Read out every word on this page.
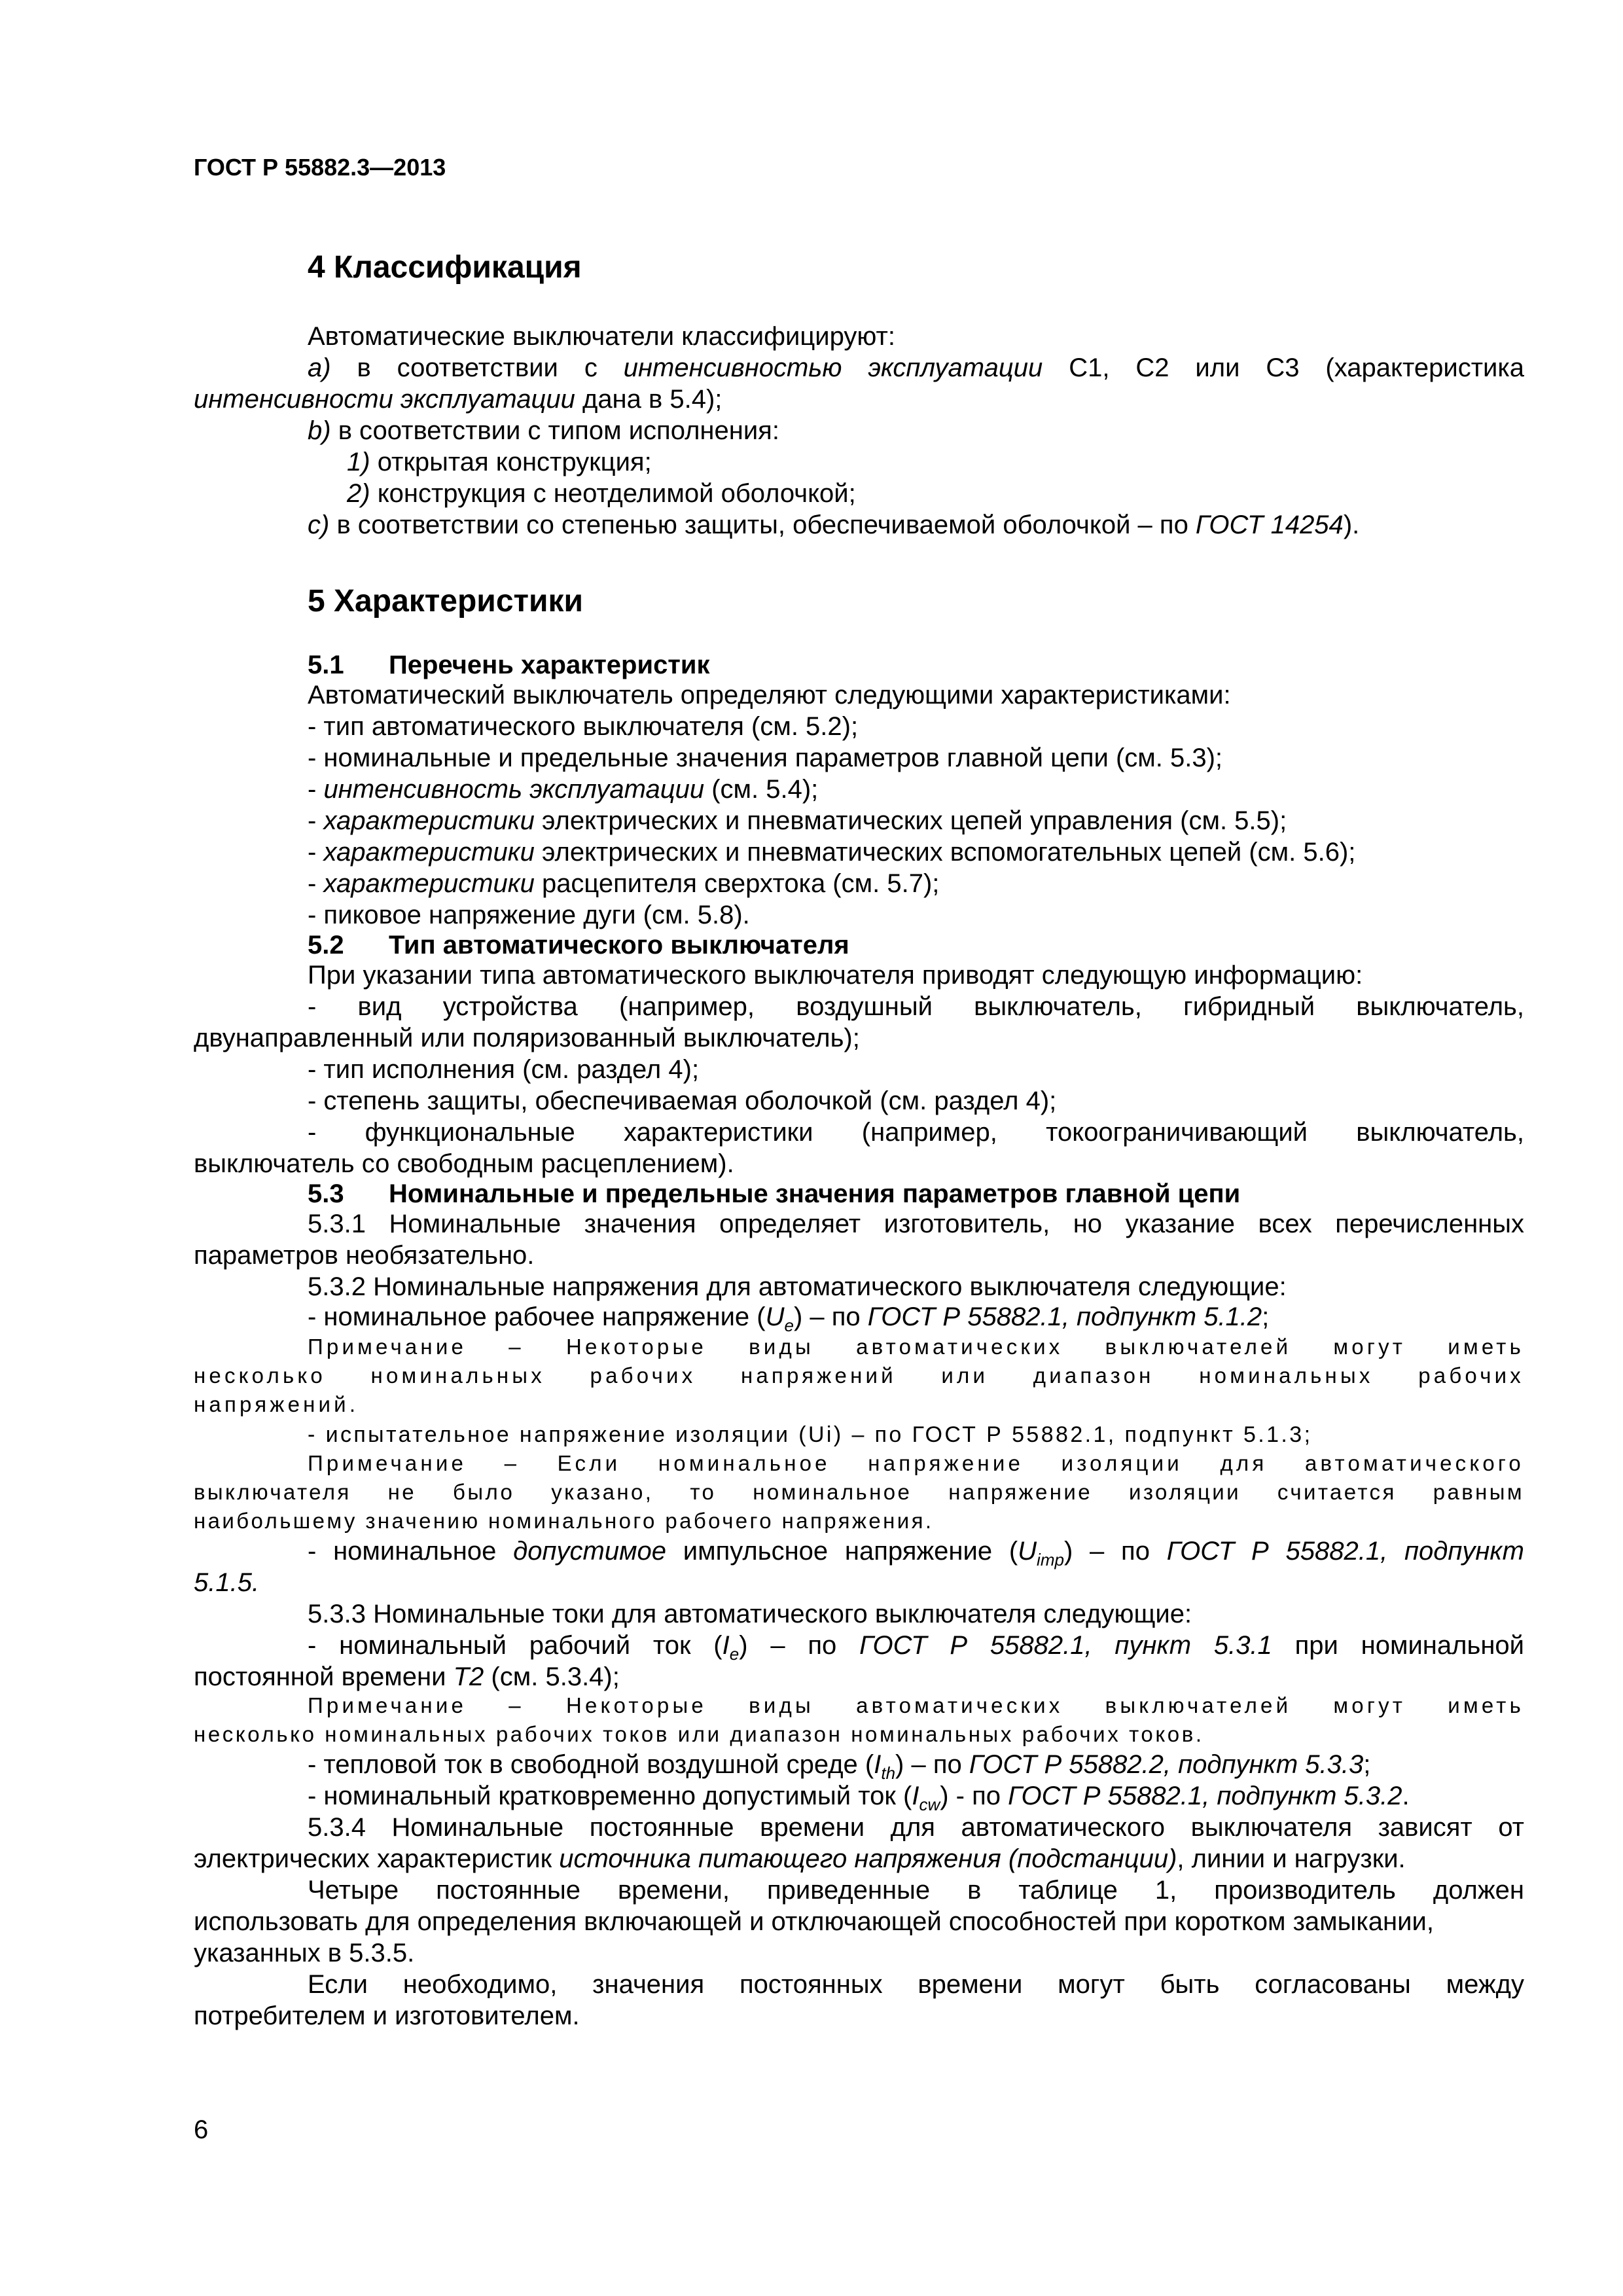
ГОСТ Р 55882.3—2013
4 Классификация
Автоматические выключатели классифицируют:
a) в соответствии с интенсивностью эксплуатации С1, С2 или С3 (характеристика
интенсивности эксплуатации дана в 5.4);
b) в соответствии с типом исполнения:
1) открытая конструкция;
2) конструкция с неотделимой оболочкой;
c) в соответствии со степенью защиты, обеспечиваемой оболочкой – по ГОСТ 14254).
5 Характеристики
5.1 Перечень характеристик
Автоматический выключатель определяют следующими характеристиками:
- тип автоматического выключателя (см. 5.2);
- номинальные и предельные значения параметров главной цепи (см. 5.3);
- интенсивность эксплуатации (см. 5.4);
- характеристики электрических и пневматических цепей управления (см. 5.5);
- характеристики электрических и пневматических вспомогательных цепей (см. 5.6);
- характеристики расцепителя сверхтока (см. 5.7);
- пиковое напряжение дуги (см. 5.8).
5.2 Тип автоматического выключателя
При указании типа автоматического выключателя приводят следующую информацию:
- вид устройства (например, воздушный выключатель, гибридный выключатель,
двунаправленный или поляризованный выключатель);
- тип исполнения (см. раздел 4);
- степень защиты, обеспечиваемая оболочкой (см. раздел 4);
- функциональные характеристики (например, токоограничивающий выключатель,
выключатель со свободным расцеплением).
5.3 Номинальные и предельные значения параметров главной цепи
5.3.1 Номинальные значения определяет изготовитель, но указание всех перечисленных
параметров необязательно.
5.3.2 Номинальные напряжения для автоматического выключателя следующие:
- номинальное рабочее напряжение $(U_e)$ – по ГОСТ Р 55882.1, подпункт 5.1.2;
Примечание – Некоторые виды автоматических выключателей могут иметь
несколько номинальных рабочих напряжений или диапазон номинальных рабочих
напряжений.
- испытательное напряжение изоляции (Ui) – по ГОСТ Р 55882.1, подпункт 5.1.3;
Примечание – Если номинальное напряжение изоляции для автоматического
выключателя не было указано, то номинальное напряжение изоляции считается равным
наибольшему значению номинального рабочего напряжения.
- номинальное допустимое импульсное напряжение $(U_{imp})$ – по ГОСТ Р 55882.1, подпункт
5.1.5.
5.3.3 Номинальные токи для автоматического выключателя следующие:
- номинальный рабочий ток $(I_e)$ – по ГОСТ Р 55882.1, пункт 5.3.1 при номинальной
постоянной времени Т2 (см. 5.3.4);
Примечание – Некоторые виды автоматических выключателей могут иметь
несколько номинальных рабочих токов или диапазон номинальных рабочих токов.
- тепловой ток в свободной воздушной среде $(I_{th})$ – по ГОСТ Р 55882.2, подпункт 5.3.3;
- номинальный кратковременно допустимый ток $(I_{cw})$ - по ГОСТ Р 55882.1, подпункт 5.3.2.
5.3.4 Номинальные постоянные времени для автоматического выключателя зависят от
электрических характеристик источника питающего напряжения (подстанции), линии и нагрузки.
Четыре постоянные времени, приведенные в таблице 1, производитель должен
использовать для определения включающей и отключающей способностей при коротком замыкании,
указанных в 5.3.5.
Если необходимо, значения постоянных времени могут быть согласованы между
потребителем и изготовителем.
6
